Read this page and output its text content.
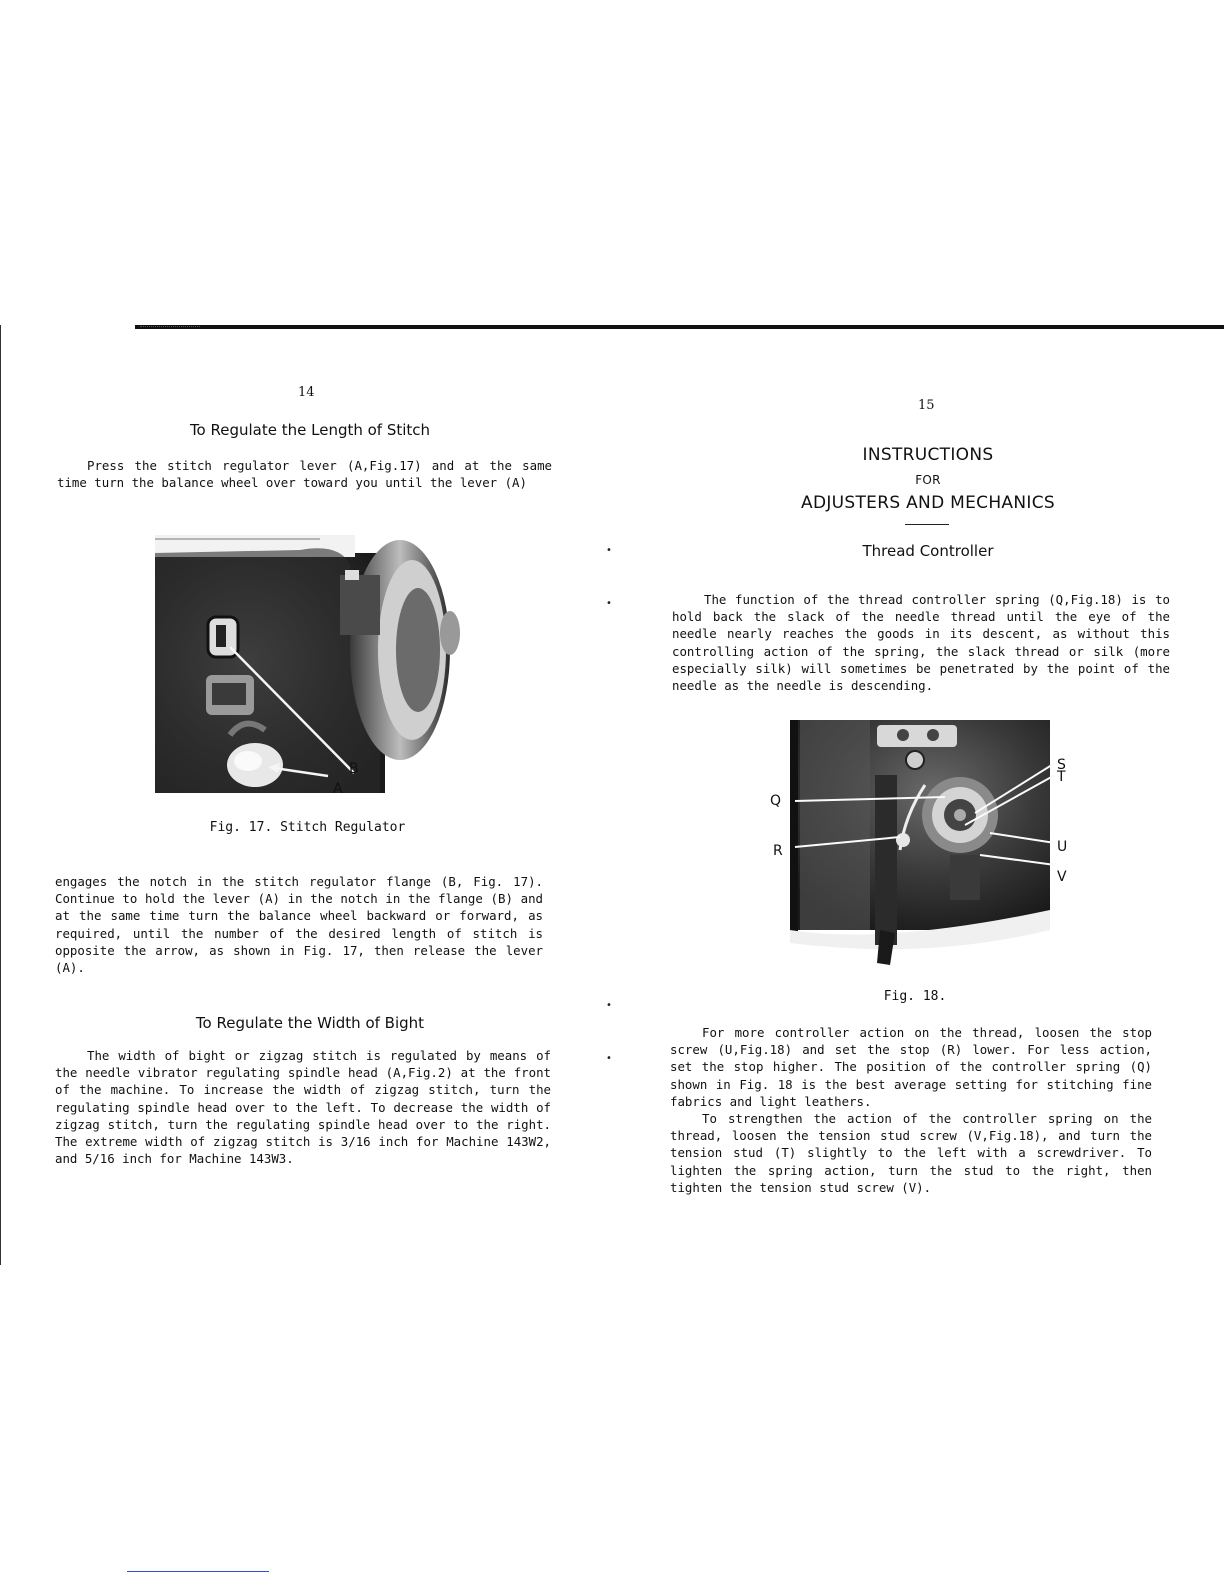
14
To Regulate the Length of Stitch

Press the stitch regulator lever (A,Fig.17) and at the same time turn the balance wheel over toward you until the lever (A)

B
A
Fig. 17. Stitch Regulator

engages the notch in the stitch regulator flange (B, Fig. 17). Continue to hold the lever (A) in the notch in the flange (B) and at the same time turn the balance wheel backward or forward, as required, until the number of the desired length of stitch is opposite the arrow, as shown in Fig. 17, then release the lever (A).

To Regulate the Width of Bight

The width of bight or zigzag stitch is regulated by means of the needle vibrator regulating spindle head (A,Fig.2) at the front of the machine. To increase the width of zigzag stitch, turn the regulating spindle head over to the left. To decrease the width of zigzag stitch, turn the regulating spindle head over to the right. The extreme width of zigzag stitch is 3/16 inch for Machine 143W2, and 5/16 inch for Machine 143W3.

•
•
•
•
15
INSTRUCTIONS
FOR
ADJUSTERS AND MECHANICS
Thread Controller

The function of the thread controller spring (Q,Fig.18) is to hold back the slack of the needle thread until the eye of the needle nearly reaches the goods in its descent, as without this controlling action of the spring, the slack thread or silk (more especially silk) will sometimes be penetrated by the point of the needle as the needle is descending.

Q
R
S
T
U
V
Fig. 18.

For more controller action on the thread, loosen the stop screw (U,Fig.18) and set the stop (R) lower. For less action, set the stop higher. The position of the controller spring (Q) shown in Fig. 18 is the best average setting for stitching fine fabrics and light leathers.

To strengthen the action of the controller spring on the thread, loosen the tension stud screw (V,Fig.18), and turn the tension stud (T) slightly to the left with a screwdriver. To lighten the spring action, turn the stud to the right, then tighten the tension stud screw (V).
